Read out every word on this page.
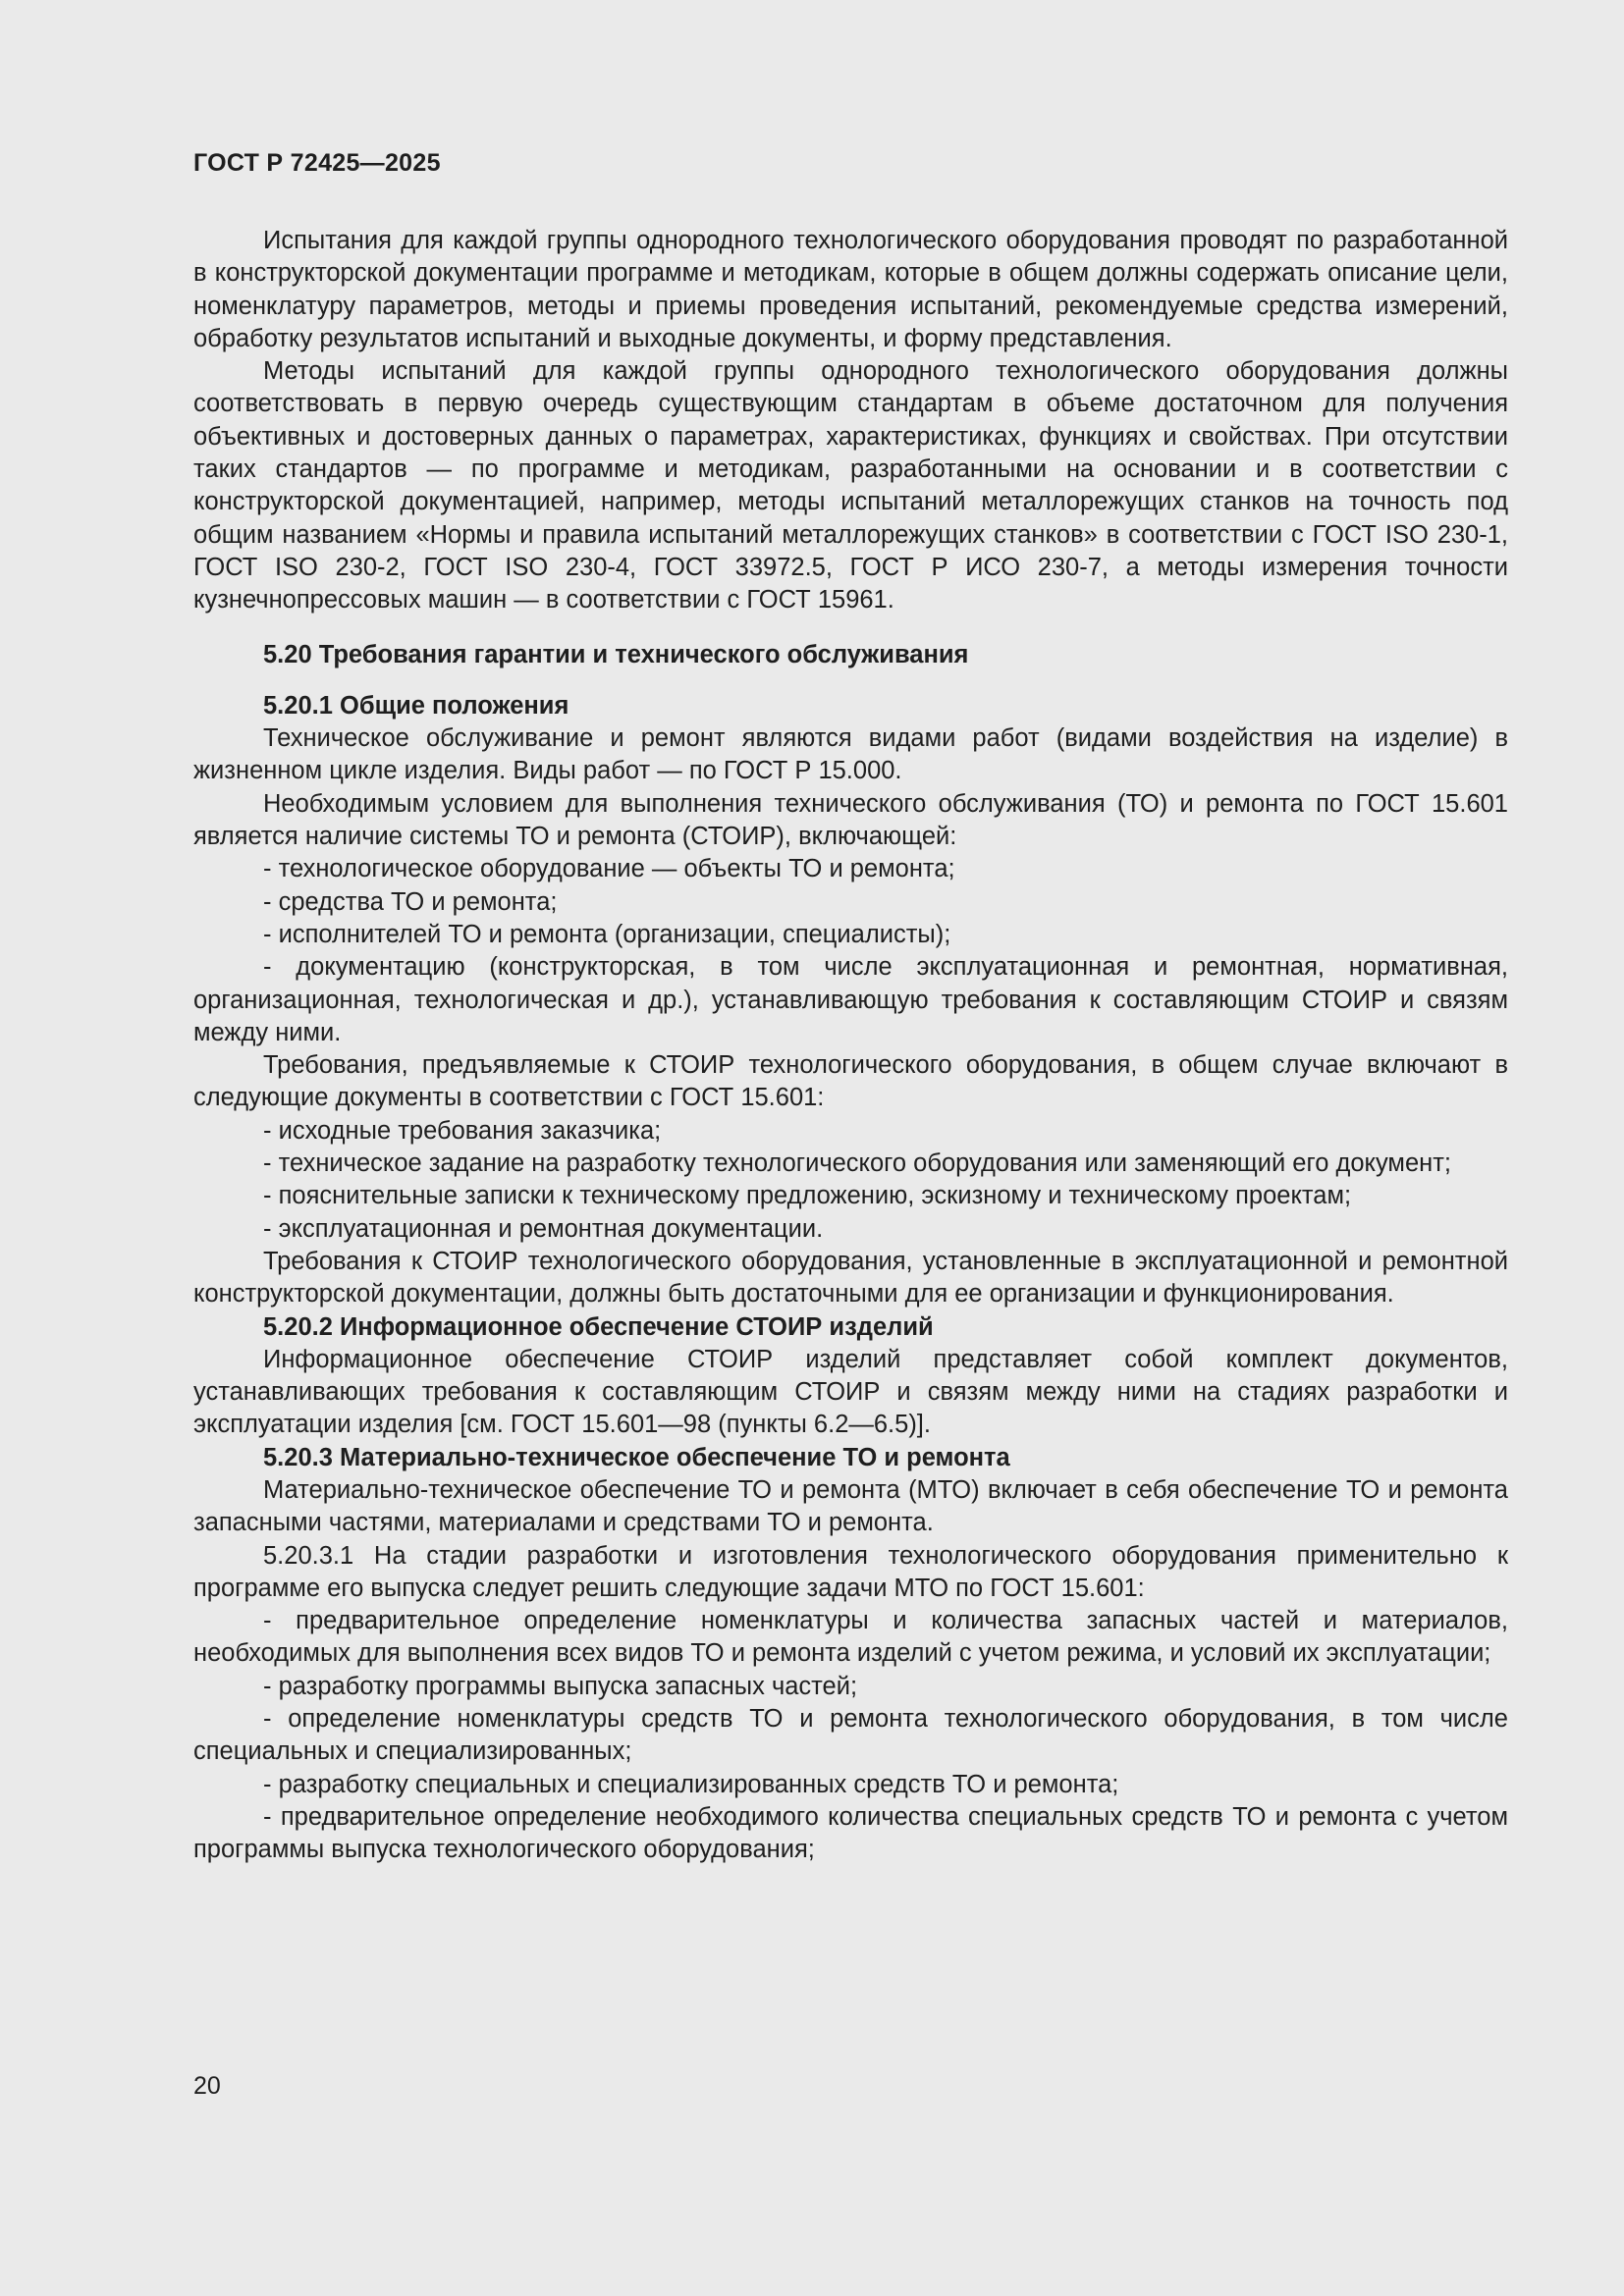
ГОСТ Р 72425—2025

Испытания для каждой группы однородного технологического оборудования проводят по разработанной в конструкторской документации программе и методикам, которые в общем должны содержать описание цели, номенклатуру параметров, методы и приемы проведения испытаний, рекомендуемые средства измерений, обработку результатов испытаний и выходные документы, и форму представления.

Методы испытаний для каждой группы однородного технологического оборудования должны соответствовать в первую очередь существующим стандартам в объеме достаточном для получения объективных и достоверных данных о параметрах, характеристиках, функциях и свойствах. При отсутствии таких стандартов — по программе и методикам, разработанными на основании и в соответствии с конструкторской документацией, например, методы испытаний металлорежущих станков на точность под общим названием «Нормы и правила испытаний металлорежущих станков» в соответствии с ГОСТ ISO 230-1, ГОСТ ISO 230-2, ГОСТ ISO 230-4, ГОСТ 33972.5, ГОСТ Р ИСО 230-7, а методы измерения точности кузнечнопрессовых машин — в соответствии с ГОСТ 15961.

5.20 Требования гарантии и технического обслуживания
5.20.1 Общие положения

Техническое обслуживание и ремонт являются видами работ (видами воздействия на изделие) в жизненном цикле изделия. Виды работ — по ГОСТ Р 15.000.

Необходимым условием для выполнения технического обслуживания (ТО) и ремонта по ГОСТ 15.601 является наличие системы ТО и ремонта (СТОИР), включающей:

- технологическое оборудование — объекты ТО и ремонта;

- средства ТО и ремонта;

- исполнителей ТО и ремонта (организации, специалисты);

- документацию (конструкторская, в том числе эксплуатационная и ремонтная, нормативная, организационная, технологическая и др.), устанавливающую требования к составляющим СТОИР и связям между ними.

Требования, предъявляемые к СТОИР технологического оборудования, в общем случае включают в следующие документы в соответствии с ГОСТ 15.601:

- исходные требования заказчика;

- техническое задание на разработку технологического оборудования или заменяющий его документ;

- пояснительные записки к техническому предложению, эскизному и техническому проектам;

- эксплуатационная и ремонтная документации.

Требования к СТОИР технологического оборудования, установленные в эксплуатационной и ремонтной конструкторской документации, должны быть достаточными для ее организации и функционирования.

5.20.2 Информационное обеспечение СТОИР изделий

Информационное обеспечение СТОИР изделий представляет собой комплект документов, устанавливающих требования к составляющим СТОИР и связям между ними на стадиях разработки и эксплуатации изделия [см. ГОСТ 15.601—98 (пункты 6.2—6.5)].

5.20.3 Материально-техническое обеспечение ТО и ремонта

Материально-техническое обеспечение ТО и ремонта (МТО) включает в себя обеспечение ТО и ремонта запасными частями, материалами и средствами ТО и ремонта.

5.20.3.1 На стадии разработки и изготовления технологического оборудования применительно к программе его выпуска следует решить следующие задачи МТО по ГОСТ 15.601:

- предварительное определение номенклатуры и количества запасных частей и материалов, необходимых для выполнения всех видов ТО и ремонта изделий с учетом режима, и условий их эксплуатации;

- разработку программы выпуска запасных частей;

- определение номенклатуры средств ТО и ремонта технологического оборудования, в том числе специальных и специализированных;

- разработку специальных и специализированных средств ТО и ремонта;

- предварительное определение необходимого количества специальных средств ТО и ремонта с учетом программы выпуска технологического оборудования;

20
